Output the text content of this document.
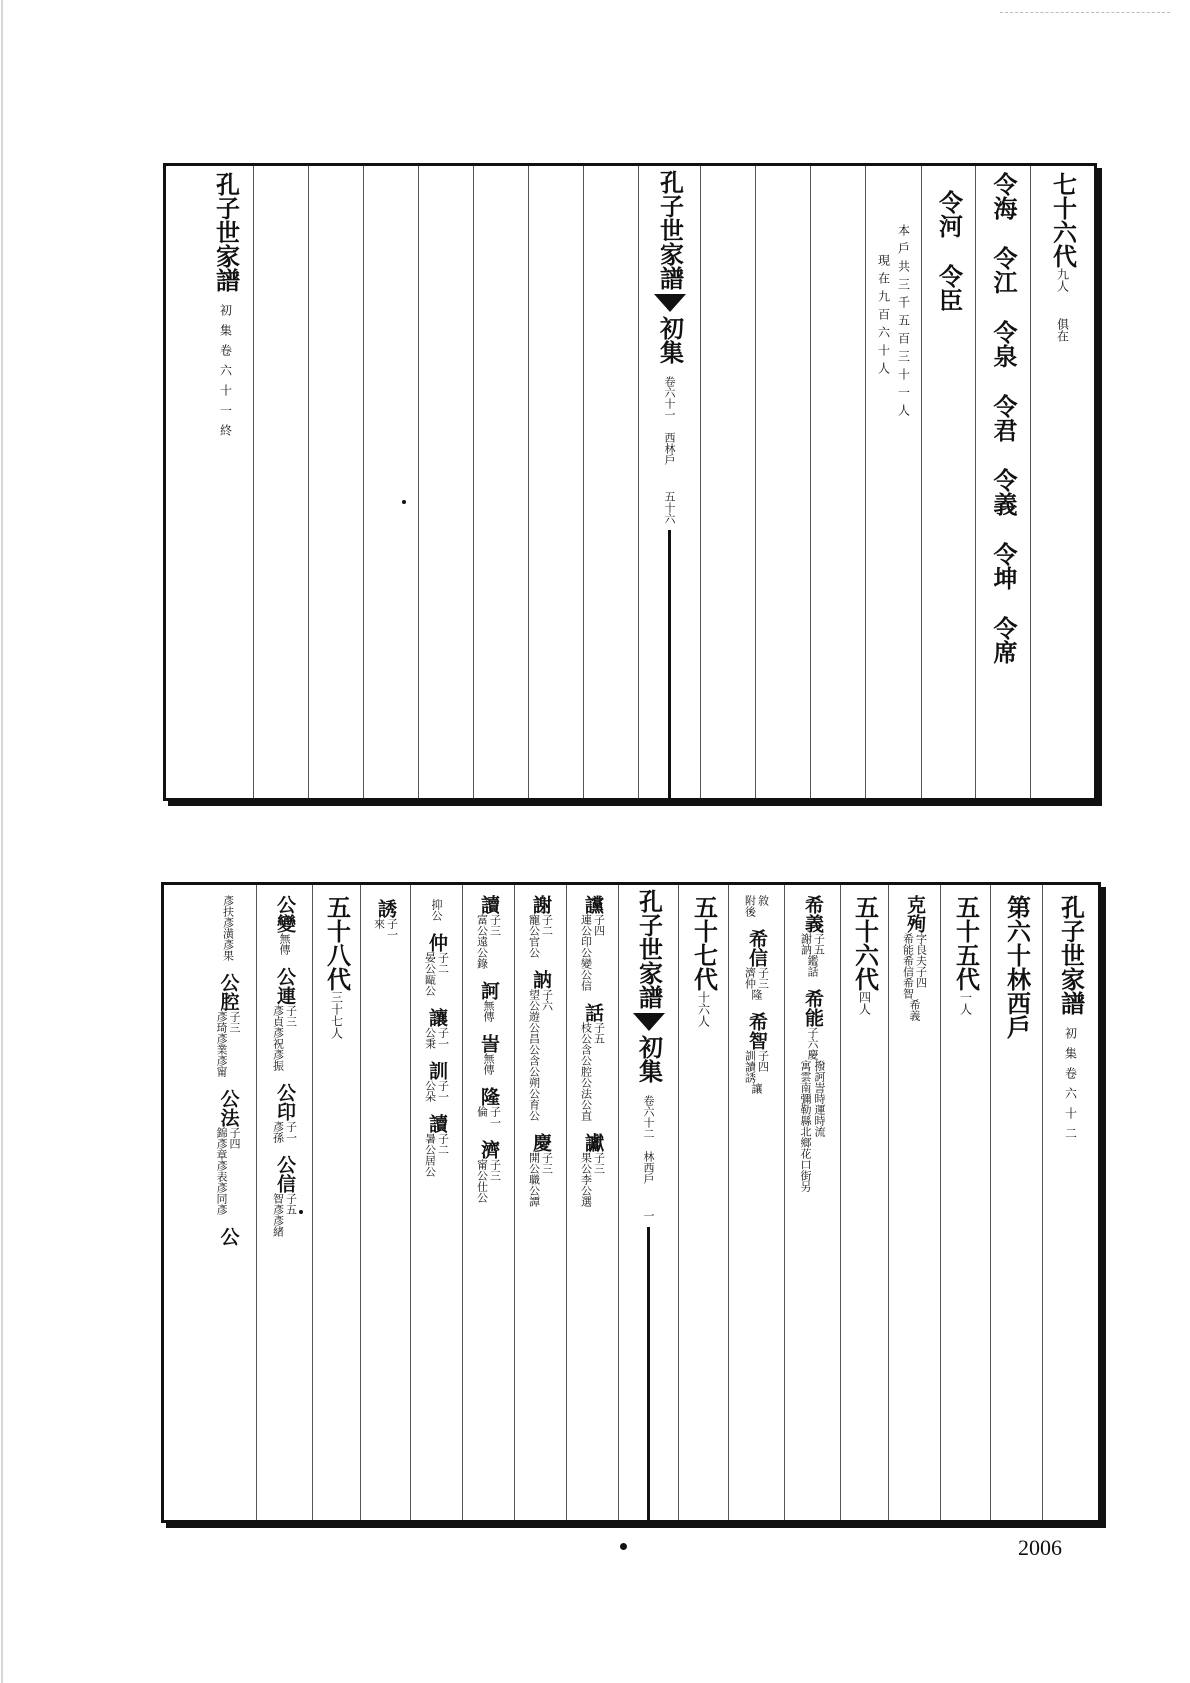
七十六代
九人
俱在
令海
令江
令泉
令君
令義
令坤
令席
令河
令臣
本戶共三千五百三十一人
現在九百六十人
孔子世家譜
初集
卷六十一
西林戶
五十六
孔子世家譜
初集卷六十一終
孔子世家譜
初集卷六十二
第六十林西戶
五十五代
一人
克殉
字良夫子四
希能希信希智
希義
五十六代
四人
希義
子五
謝訥
鑑話
希能
子六慶
撥訶訔時運時流
寓雲南彌勒縣北鄉花口街另
敘
附後
希信
子三
濟仲
隆
希智
子四
訓讀誘
讓
五十七代
十六人
孔子世家譜
初集
卷六十二
林西戶
一
讜
子四
連公印公變公信
話
子五
枝公含公腔公法公直
讞
子三
果公李公選
謝
子二
寵公官公
訥
子六
望公遊公昌公含公朔公育公
慶
子三
開公職公譚
讀
子三
富公遠公錄
訶
無傳
訔
無傳
隆
子一
倫
濟
子三
甯公仕公
抑公
仲
子二
晏公甌公
讓
子一
公秉
訓
子一
公朵
讀
子二
暑公居公
誘
子一
來
五十八代
三十七人
公變
無傳
公連
子三
彥貞彥祝彥振
公印
子一
彥孫
公信
子五
智彥彥緒
彥扶彥潢彥果
公腔
子三
彥琦彥業彥甯
公法
子四
錦彥章彥表彥同彥
公
2006
